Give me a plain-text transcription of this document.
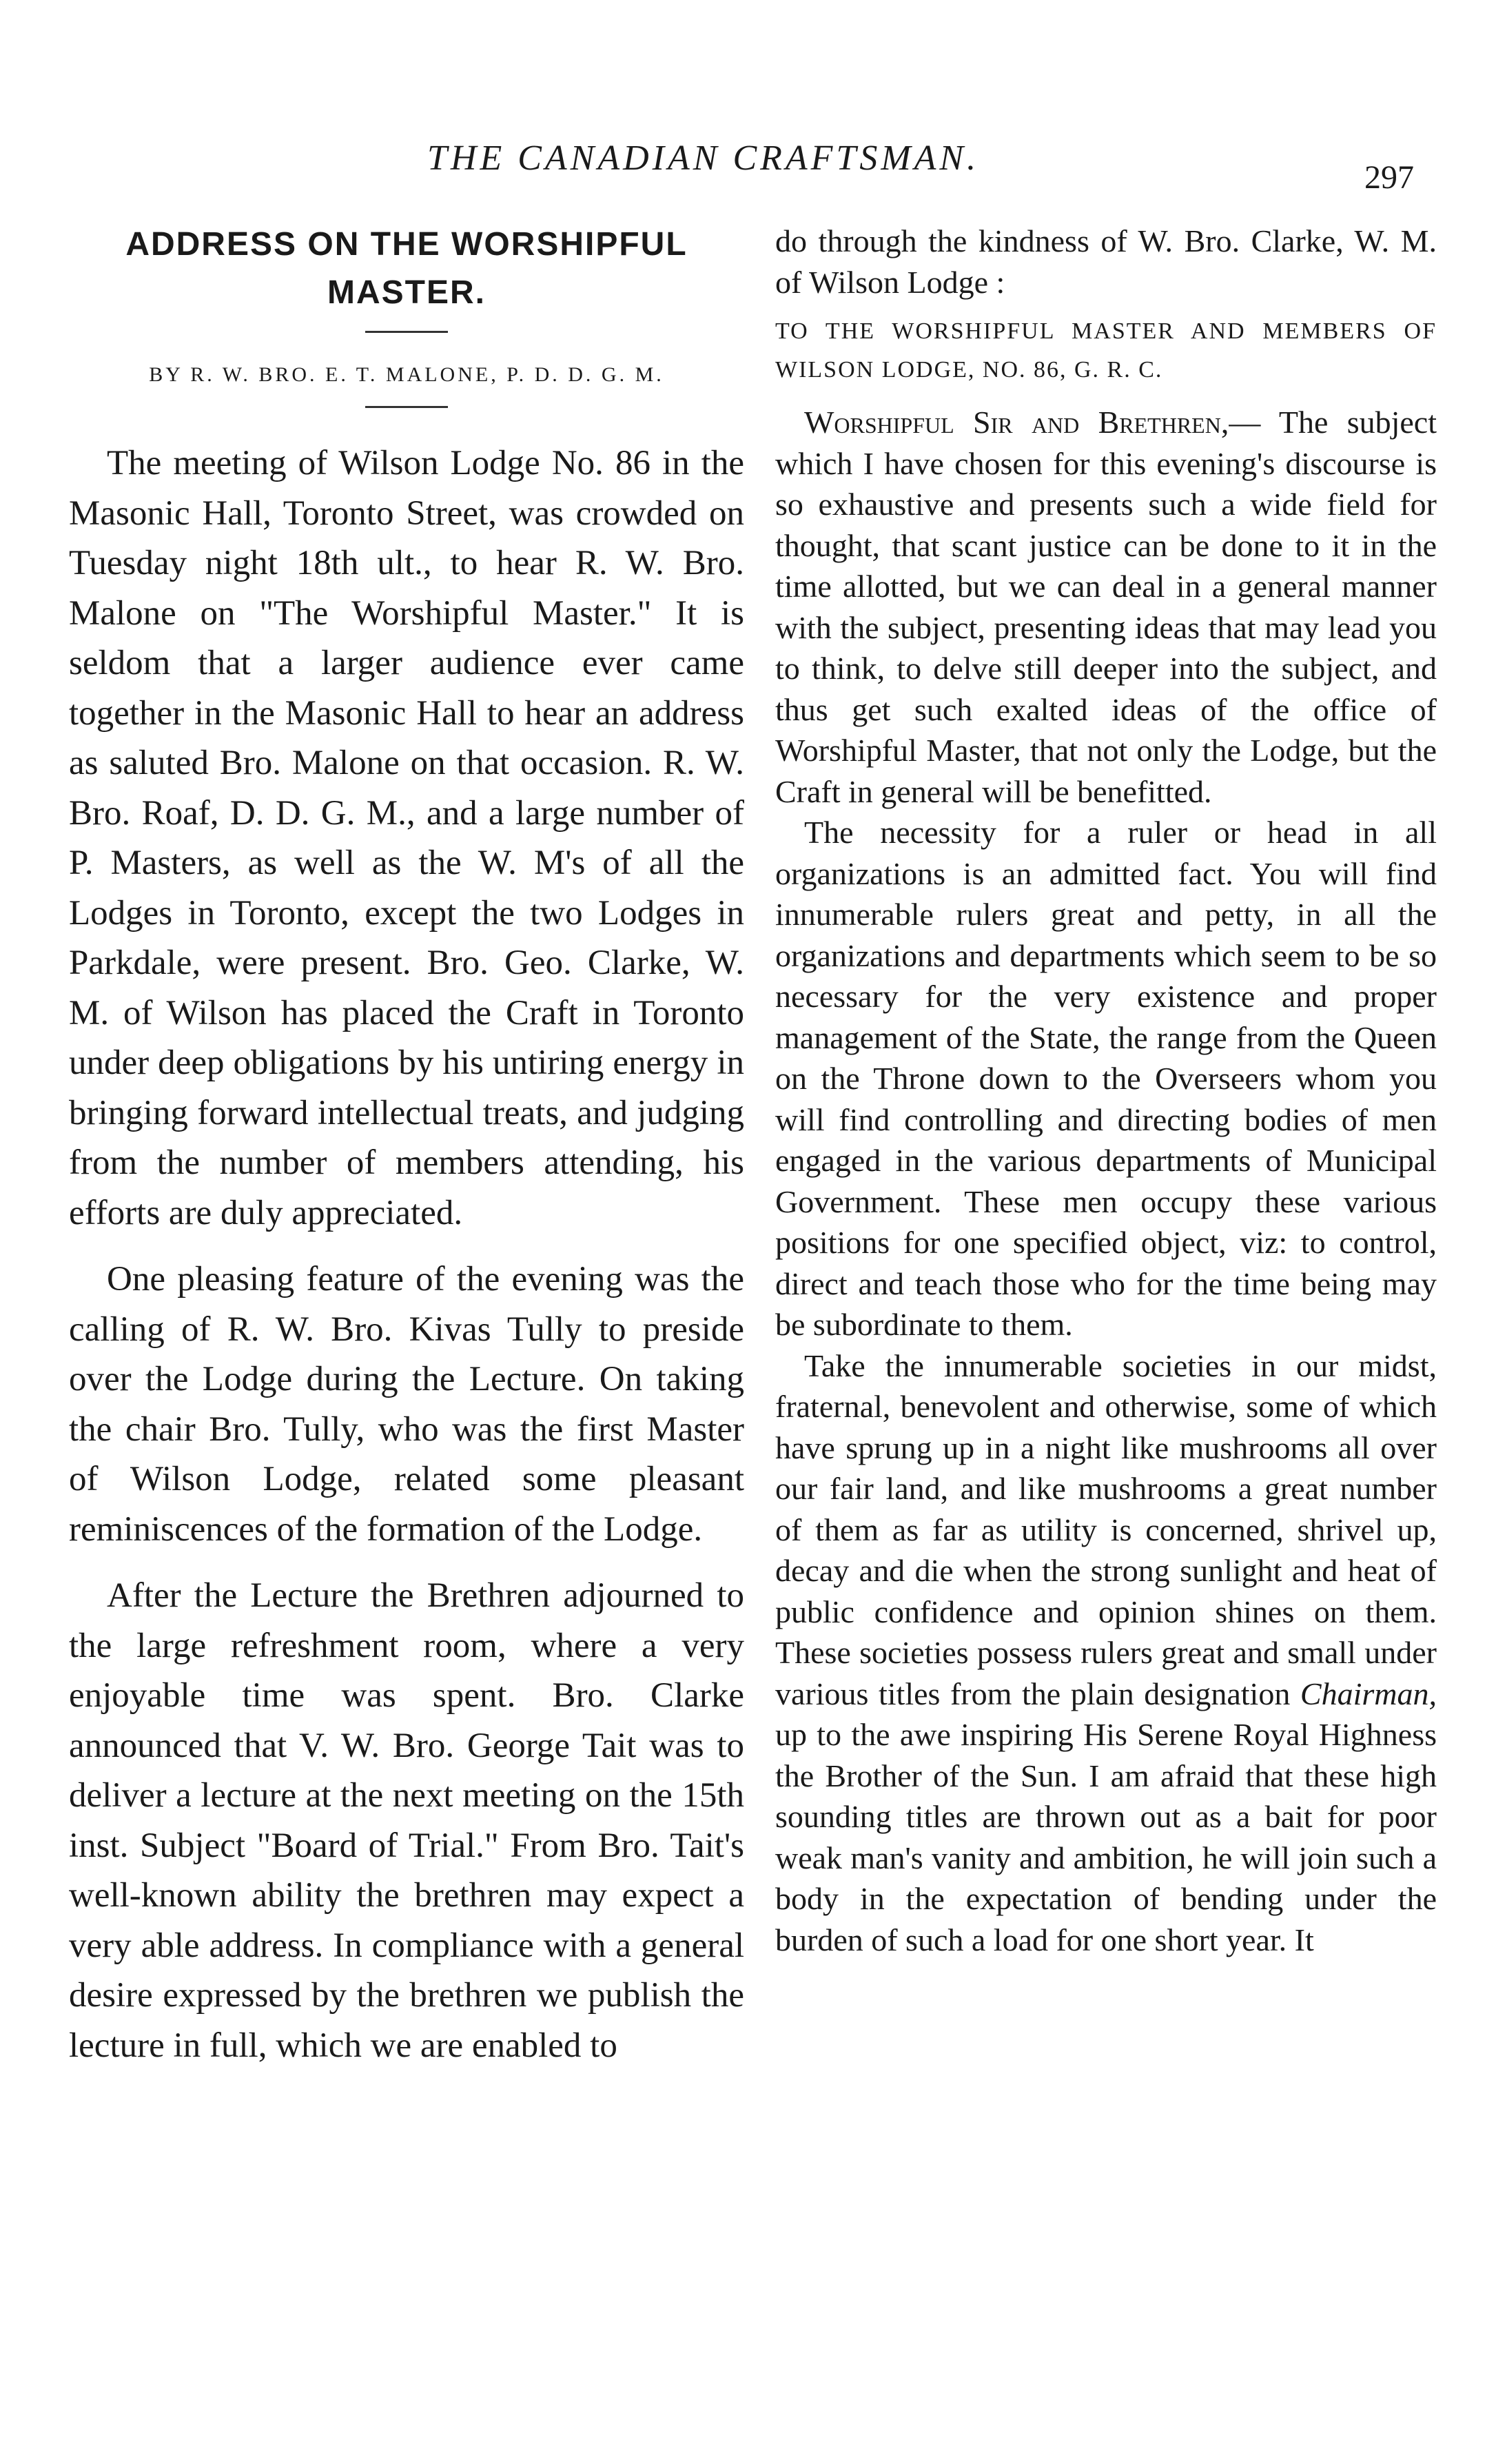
THE CANADIAN CRAFTSMAN.	297
ADDRESS ON THE WORSHIPFUL
MASTER.
BY R. W. BRO. E. T. MALONE, P. D. D. G. M.

The meeting of Wilson Lodge No. 86 in the Masonic Hall, Toronto Street, was crowded on Tuesday night 18th ult., to hear R. W. Bro. Malone on "The Worshipful Master." It is seldom that a larger audience ever came together in the Masonic Hall to hear an address as saluted Bro. Malone on that occasion. R. W. Bro. Roaf, D. D. G. M., and a large number of P. Masters, as well as the W. M's of all the Lodges in Toronto, except the two Lodges in Parkdale, were present. Bro. Geo. Clarke, W. M. of Wilson has placed the Craft in Toronto under deep obligations by his untiring energy in bringing forward intellectual treats, and judging from the number of members attending, his efforts are duly appreciated.

One pleasing feature of the evening was the calling of R. W. Bro. Kivas Tully to preside over the Lodge during the Lecture. On taking the chair Bro. Tully, who was the first Master of Wilson Lodge, related some pleasant reminiscences of the formation of the Lodge.

After the Lecture the Brethren adjourned to the large refreshment room, where a very enjoyable time was spent. Bro. Clarke announced that V. W. Bro. George Tait was to deliver a lecture at the next meeting on the 15th inst. Subject "Board of Trial." From Bro. Tait's well-known ability the brethren may expect a very able address. In compliance with a general desire expressed by the brethren we publish the lecture in full, which we are enabled to

do through the kindness of W. Bro. Clarke, W. M. of Wilson Lodge :

TO THE WORSHIPFUL MASTER AND MEMBERS OF WILSON LODGE, NO. 86, G. R. C.

Worshipful Sir and Brethren,— The subject which I have chosen for this evening's discourse is so exhaustive and presents such a wide field for thought, that scant justice can be done to it in the time allotted, but we can deal in a general manner with the subject, presenting ideas that may lead you to think, to delve still deeper into the subject, and thus get such exalted ideas of the office of Worshipful Master, that not only the Lodge, but the Craft in general will be benefitted.

The necessity for a ruler or head in all organizations is an admitted fact. You will find innumerable rulers great and petty, in all the organizations and departments which seem to be so necessary for the very existence and proper management of the State, the range from the Queen on the Throne down to the Overseers whom you will find controlling and directing bodies of men engaged in the various departments of Municipal Government. These men occupy these various positions for one specified object, viz: to control, direct and teach those who for the time being may be subordinate to them.

Take the innumerable societies in our midst, fraternal, benevolent and otherwise, some of which have sprung up in a night like mushrooms all over our fair land, and like mushrooms a great number of them as far as utility is concerned, shrivel up, decay and die when the strong sunlight and heat of public confidence and opinion shines on them. These societies possess rulers great and small under various titles from the plain designation Chairman, up to the awe inspiring His Serene Royal Highness the Brother of the Sun. I am afraid that these high sounding titles are thrown out as a bait for poor weak man's vanity and ambition, he will join such a body in the expectation of bending under the burden of such a load for one short year. It
